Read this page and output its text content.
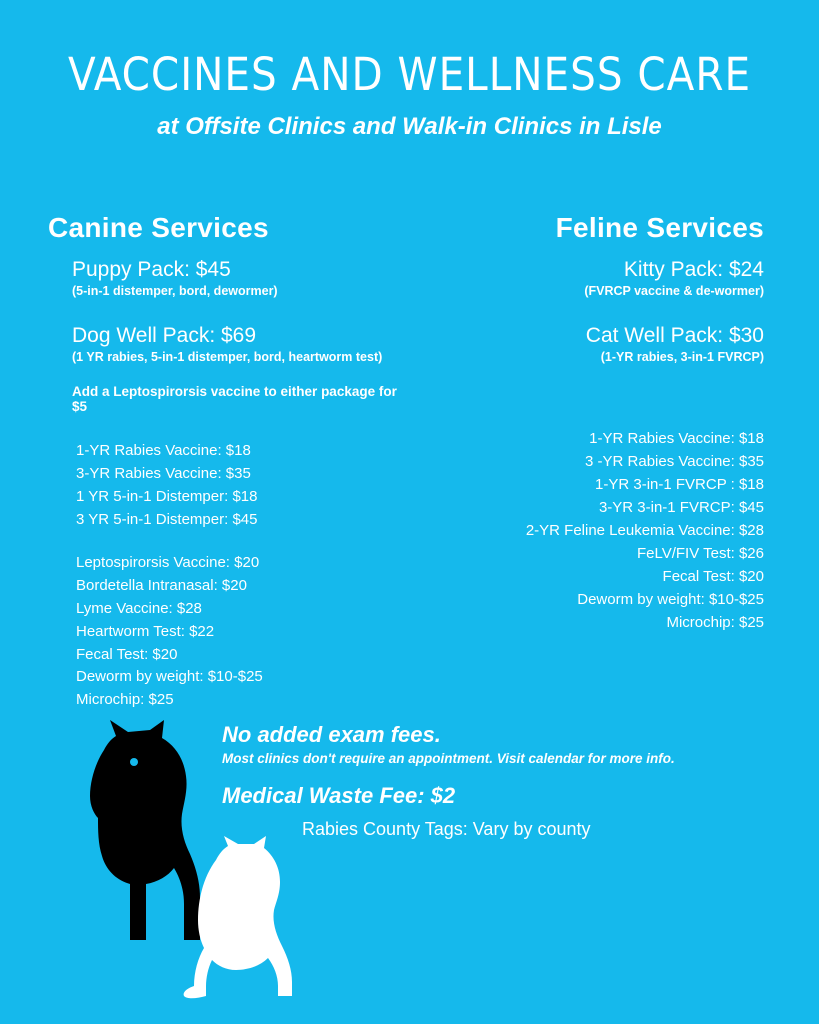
VACCINES AND WELLNESS CARE
at Offsite Clinics and Walk-in Clinics in Lisle
Canine Services
Puppy Pack: $45
(5-in-1 distemper, bord, dewormer)
Dog Well Pack: $69
(1 YR rabies, 5-in-1 distemper, bord, heartworm test)
Add a Leptospirorsis vaccine to either package for $5
1-YR Rabies Vaccine: $18
3-YR Rabies Vaccine: $35
1 YR 5-in-1 Distemper: $18
3 YR 5-in-1 Distemper: $45
Leptospirorsis Vaccine: $20
Bordetella Intranasal: $20
Lyme Vaccine: $28
Heartworm Test: $22
Fecal Test: $20
Deworm by weight: $10-$25
Microchip: $25
Feline Services
Kitty Pack: $24
(FVRCP vaccine & de-wormer)
Cat Well Pack: $30
(1-YR rabies, 3-in-1 FVRCP)
1-YR Rabies Vaccine: $18
3 -YR Rabies Vaccine: $35
1-YR 3-in-1 FVRCP : $18
3-YR 3-in-1 FVRCP: $45
2-YR Feline Leukemia Vaccine: $28
FeLV/FIV Test: $26
Fecal Test: $20
Deworm by weight: $10-$25
Microchip: $25
No added exam fees.
Most clinics don't require an appointment. Visit calendar for more info.
Medical Waste Fee: $2
Rabies County Tags: Vary by county
